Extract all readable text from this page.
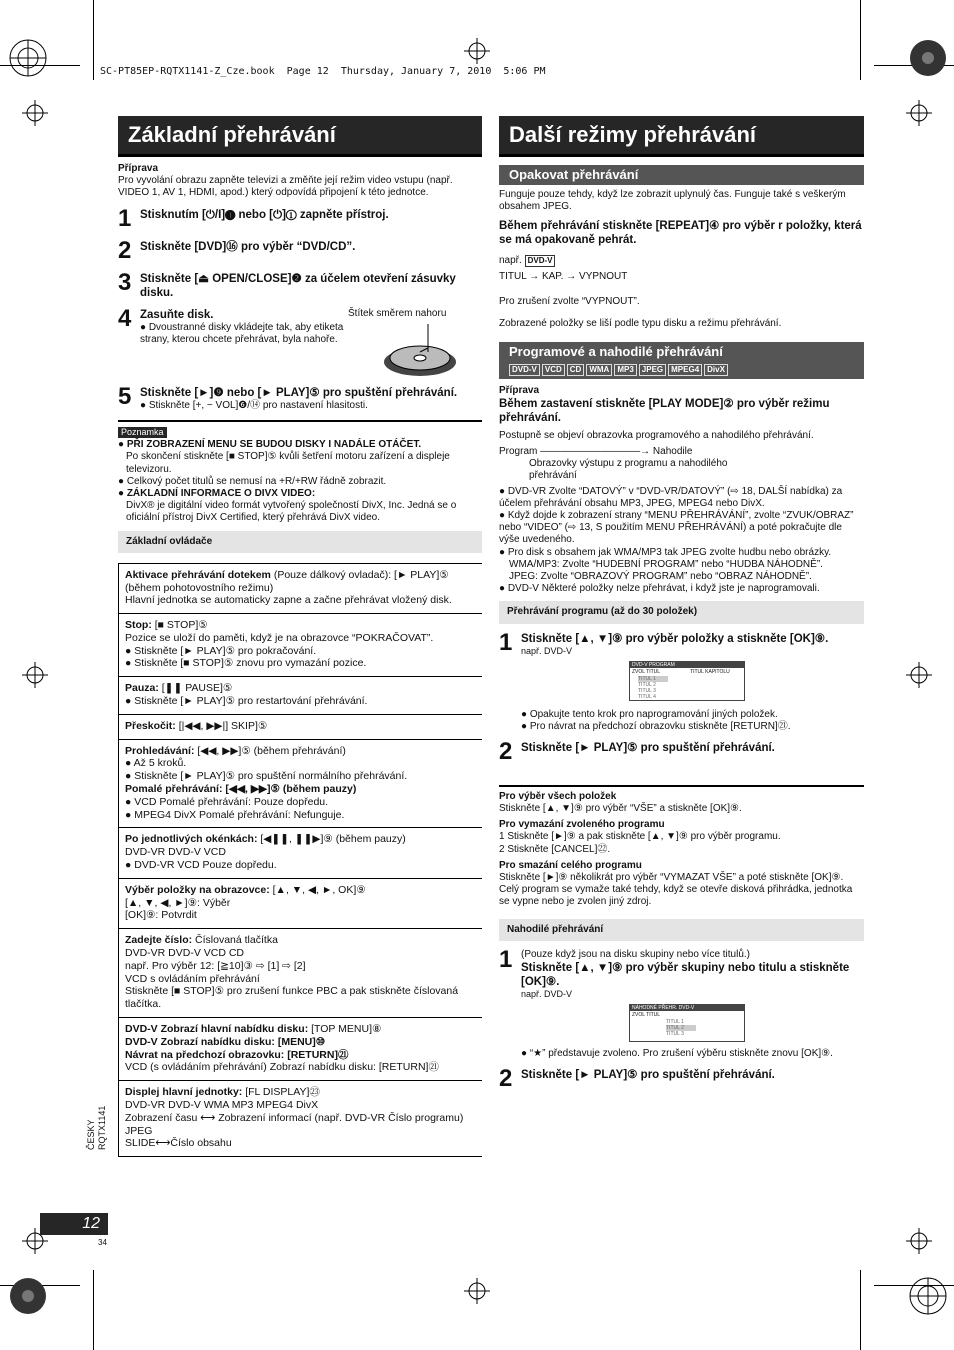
SC-PT85EP-RQTX1141-Z_Cze.book  Page 12  Thursday, January 7, 2010  5:06 PM
Základní přehrávání

Příprava

Pro vyvolání obrazu zapněte televizi a změňte její režim video vstupu (např. VIDEO 1, AV 1, HDMI, apod.) který odpovídá připojení k této jednotce.

1 Stisknutím [⏻/I]❶ nebo [⏻]① zapněte přístroj.
2 Stiskněte [DVD]⑯ pro výběr “DVD/CD”.
3 Stiskněte [⏏ OPEN/CLOSE]❷ za účelem otevření zásuvky disku.
4 Zasuňte disk.
● Dvoustranné disky vkládejte tak, aby etiketa strany, kterou chcete přehrávat, byla nahoře.
Štítek směrem nahoru
5 Stiskněte [►]❾ nebo [► PLAY]⑤ pro spuštění přehrávání.
● Stiskněte [+, − VOL]❻/⑭ pro nastavení hlasitosti.
Poznamka

● PŘI ZOBRAZENÍ MENU SE BUDOU DISKY I NADÁLE OTÁČET.

Po skončení stiskněte [■ STOP]⑤ kvůli šetření motoru zařízení a displeje televizoru.

● Celkový počet titulů se nemusí na +R/+RW řádně zobrazit.

● ZÁKLADNÍ INFORMACE O DIVX VIDEO:

DivX® je digitální video formát vytvořený společností DivX, Inc. Jedná se o oficiální přístroj DivX Certified, který přehrává DivX video.

Základní ovládače
Aktivace přehrávání dotekem (Pouze dálkový ovladač): [► PLAY]⑤ (během pohotovostního režimu)

Hlavní jednotka se automaticky zapne a začne přehrávat vložený disk.

Stop: [■ STOP]⑤

Pozice se uloží do paměti, když je na obrazovce “POKRAČOVAT”.

● Stiskněte [► PLAY]⑤ pro pokračování.

● Stiskněte [■ STOP]⑤ znovu pro vymazání pozice.

Pauza: [❚❚ PAUSE]⑤

● Stiskněte [► PLAY]⑤ pro restartování přehrávání.

Přeskočit: [|◀◀, ▶▶|] SKIP]⑤
Prohledávání: [◀◀, ▶▶]⑤ (během přehrávání)

● Až 5 kroků.

● Stiskněte [► PLAY]⑤ pro spuštění normálního přehrávání.

Pomalé přehrávání: [◀◀, ▶▶]⑤ (během pauzy)

● VCD Pomalé přehrávání: Pouze dopředu.

● MPEG4 DivX Pomalé přehrávání: Nefunguje.

Po jednotlivých okénkách: [◀❚❚, ❚❚▶]⑨ (během pauzy)

DVD-VR DVD-V VCD

● DVD-VR VCD Pouze dopředu.

Výběr položky na obrazovce: [▲, ▼, ◀, ►, OK]⑨

[▲, ▼, ◀, ►]⑨: Výběr

[OK]⑨: Potvrdit

Zadejte číslo: Číslovaná tlačítka

DVD-VR DVD-V VCD CD

např. Pro výběr 12: [≧10]③ ⇨ [1] ⇨ [2]

VCD s ovládáním přehrávání

Stiskněte [■ STOP]⑤ pro zrušení funkce PBC a pak stiskněte číslovaná tlačítka.

DVD-V Zobrazí hlavní nabídku disku: [TOP MENU]⑧

DVD-V Zobrazí nabídku disku: [MENU]⑩

Návrat na předchozí obrazovku: [RETURN]㉑

VCD (s ovládáním přehrávání) Zobrazí nabídku disku: [RETURN]㉑

Displej hlavní jednotky: [FL DISPLAY]㉓

DVD-VR DVD-V WMA MP3 MPEG4 DivX

Zobrazení času ⟷ Zobrazení informací (např. DVD-VR Číslo programu)

JPEG

SLIDE⟷Číslo obsahu

Další režimy přehrávání
Opakovat přehrávání

Funguje pouze tehdy, když lze zobrazit uplynulý čas. Funguje také s veškerým obsahem JPEG.

Během přehrávání stiskněte [REPEAT]④ pro výběr r položky, která se má opakovaně pehrát.

např. DVD-V

TITUL → KAP. → VYPNOUT

Pro zrušení zvolte “VYPNOUT”.

Zobrazené položky se liší podle typu disku a režimu přehrávání.

Programové a nahodilé přehrávání
DVD-V VCD CD WMA MP3 JPEG MPEG4 DivX

Příprava

Během zastavení stiskněte [PLAY MODE]② pro výběr režimu přehrávání.

Postupně se objeví obrazovka programového a nahodilého přehrávání.

Program ——————————→ Nahodile
Obrazovky výstupu z programu a nahodilého přehrávání

● DVD-VR Zvolte “DATOVÝ” v “DVD-VR/DATOVÝ” (⇨ 18, DALŠÍ nabídka) za účelem přehrávání obsahu MP3, JPEG, MPEG4 nebo DivX.

● Když dojde k zobrazení strany “MENU PŘEHRÁVÁNÍ”, zvolte “ZVUK/OBRAZ” nebo “VIDEO” (⇨ 13, S použitím MENU PŘEHRÁVÁNÍ) a poté pokračujte dle výše uvedeného.

● Pro disk s obsahem jak WMA/MP3 tak JPEG zvolte hudbu nebo obrázky.

WMA/MP3: Zvolte “HUDEBNÍ PROGRAM” nebo “HUDBA NÁHODNĚ”.

JPEG: Zvolte “OBRAZOVÝ PROGRAM” nebo “OBRAZ NÁHODNĚ”.

● DVD-V Některé položky nelze přehrávat, i když jste je naprogramovali.

Přehrávání programu (až do 30 položek)
1 Stiskněte [▲, ▼]⑨ pro výběr položky a stiskněte [OK]⑨.
např. DVD-V
DVD-V PROGRAM
ZVOL TITUL	TITUL KAPITOLU
TITUL 1
TITUL 2
TITUL 3
TITUL 4

● Opakujte tento krok pro naprogramování jiných položek.

● Pro návrat na předchozí obrazovku stiskněte [RETURN]㉑.

2 Stiskněte [► PLAY]⑤ pro spuštění přehrávání.

Pro výběr všech položek

Stiskněte [▲, ▼]⑨ pro výběr “VŠE” a stiskněte [OK]⑨.

Pro vymazání zvoleného programu

1 Stiskněte [►]⑨ a pak stiskněte [▲, ▼]⑨ pro výběr programu.

2 Stiskněte [CANCEL]㉒.

Pro smazání celého programu

Stiskněte [►]⑨ několikrát pro výběr “VYMAZAT VŠE” a poté stiskněte [OK]⑨.

Celý program se vymaže také tehdy, když se otevře disková přihrádka, jednotka se vypne nebo je zvolen jiný zdroj.

Nahodilé přehrávání
1 (Pouze když jsou na disku skupiny nebo více titulů.)
Stiskněte [▲, ▼]⑨ pro výběr skupiny nebo titulu a stiskněte [OK]⑨.
např. DVD-V
NÁHODNÉ PŘEHR. DVD-V
ZVOL TITUL
TITUL 1
TITUL 2
TITUL 3
● “★” představuje zvoleno. Pro zrušení výběru stiskněte znovu [OK]⑨.
2 Stiskněte [► PLAY]⑤ pro spuštění přehrávání.
ČESKY RQTX1141
12
34
